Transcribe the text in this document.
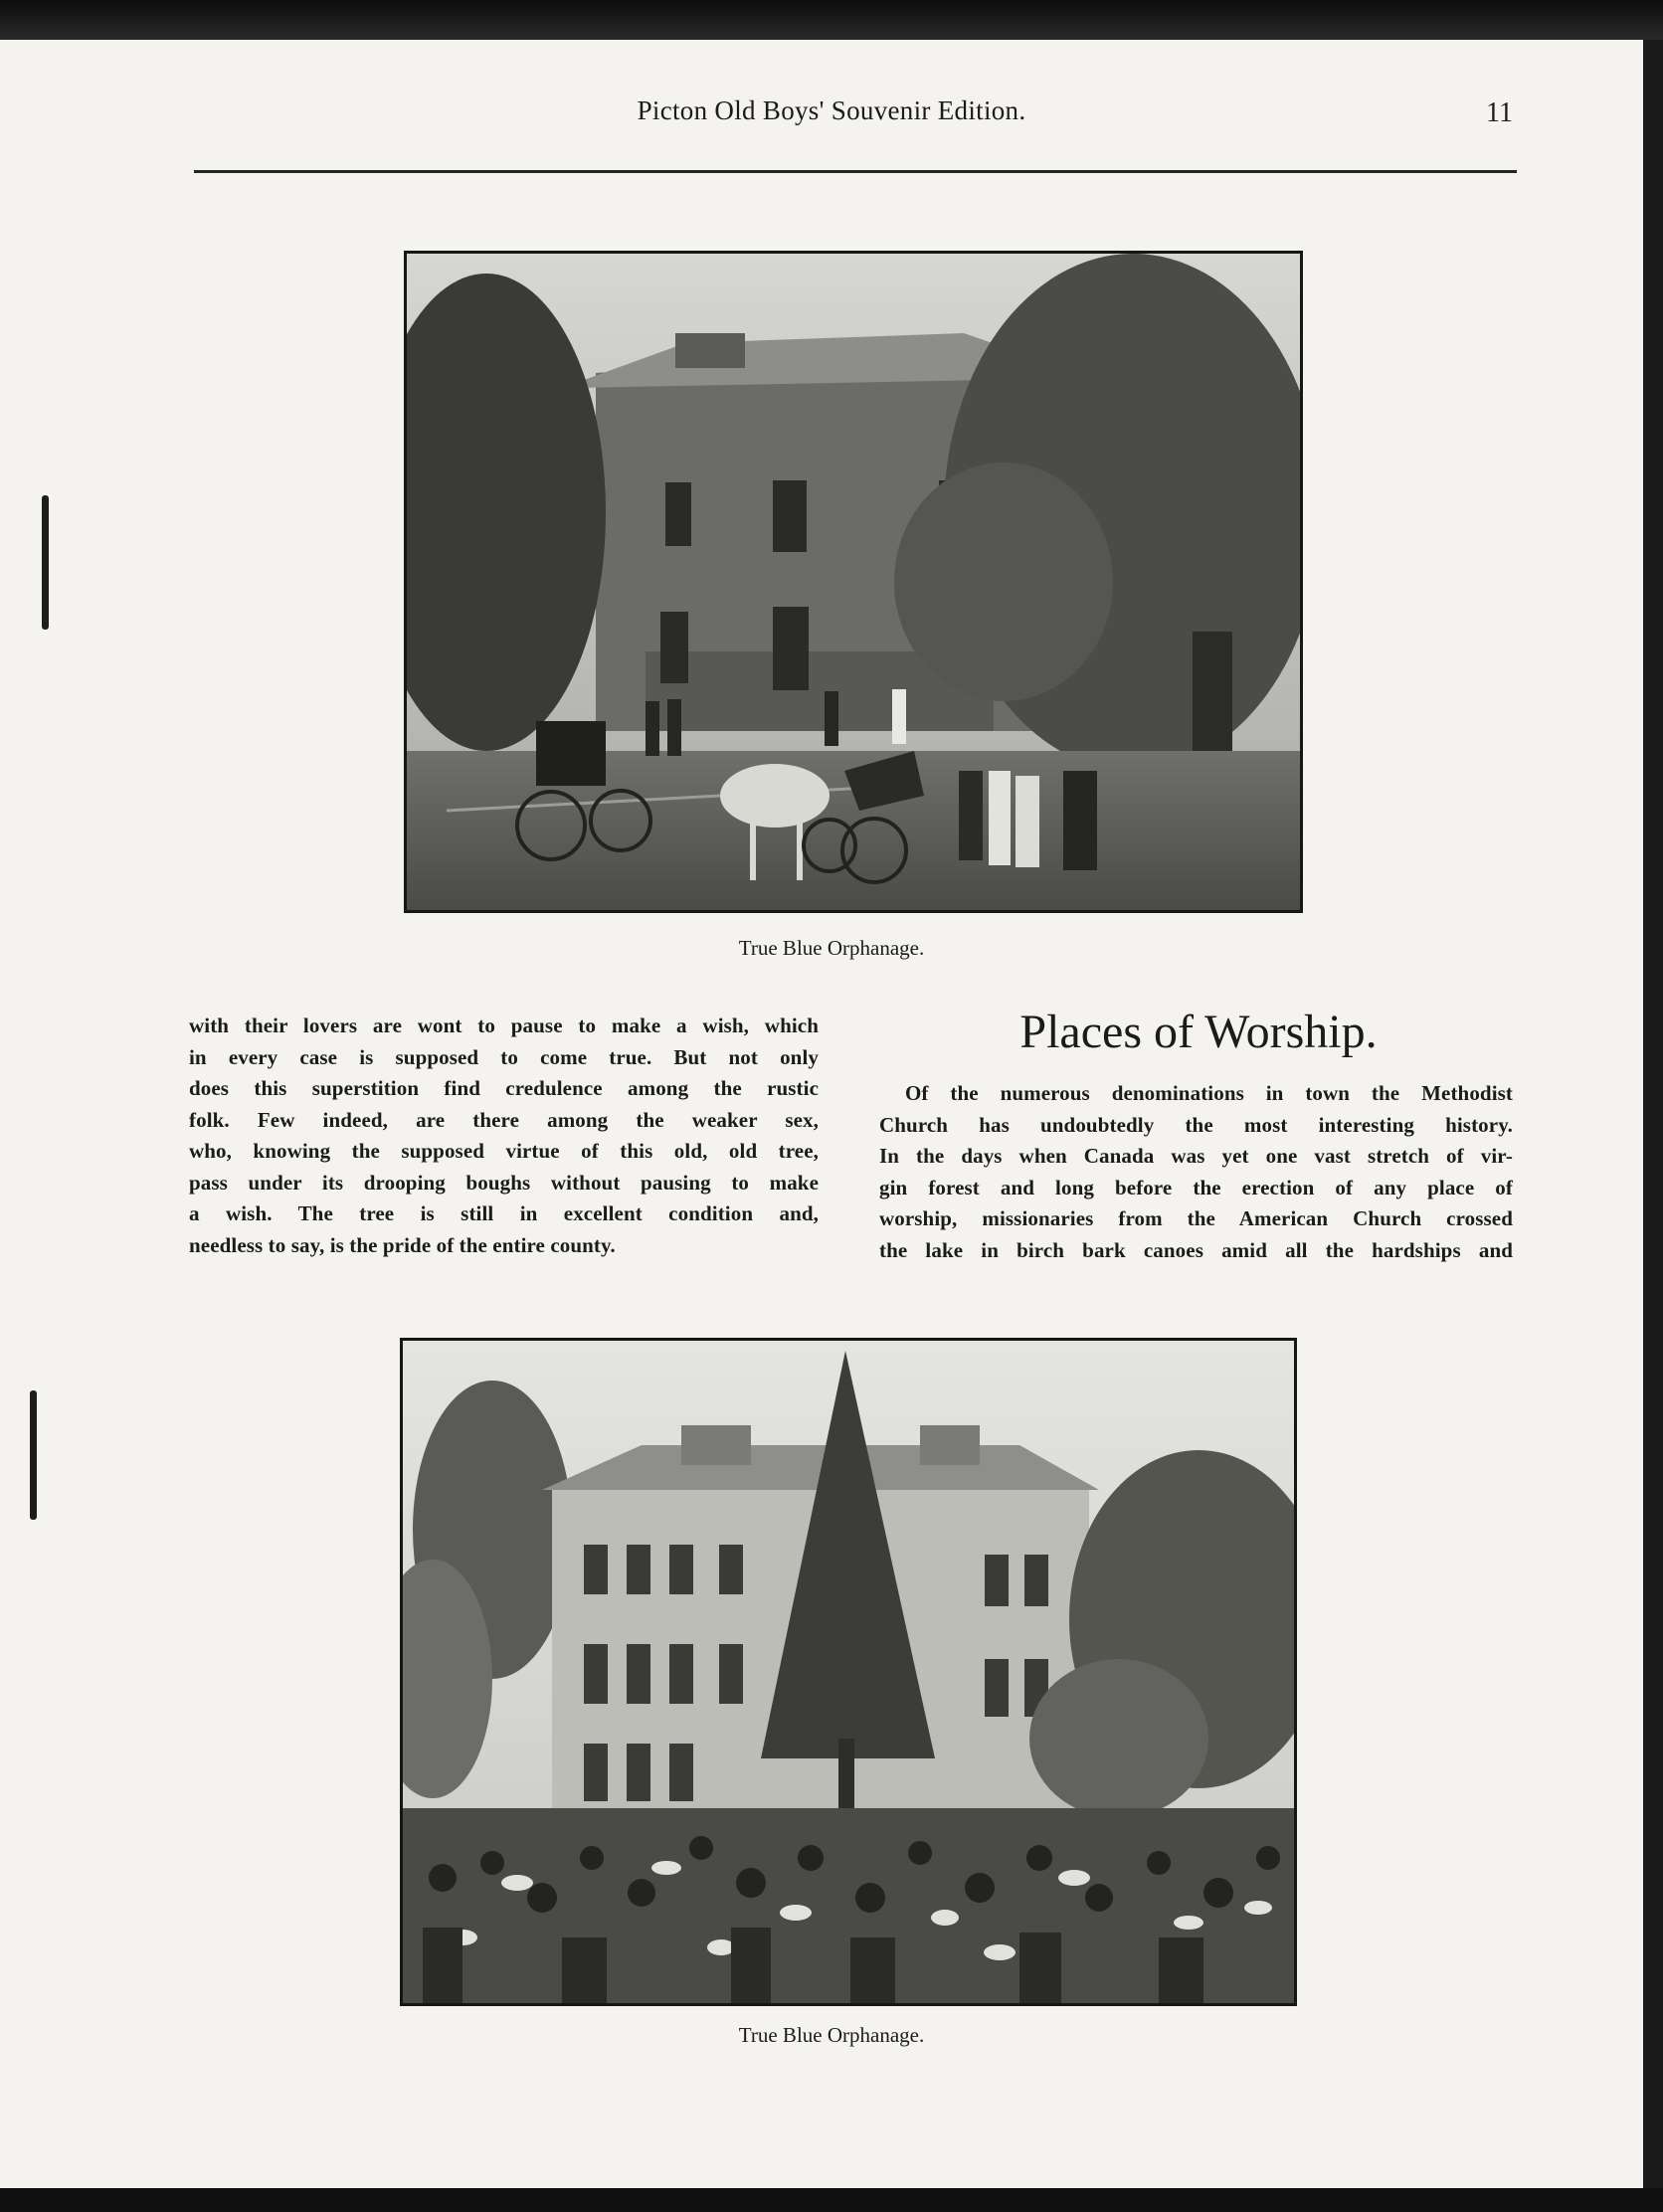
Picton Old Boys' Souvenir Edition.	11
True Blue Orphanage.
with their lovers are wont to pause to make a wish, which
in every case is supposed to come true. But not only
does this superstition find credulence among the rustic
folk. Few indeed, are there among the weaker sex,
who, knowing the supposed virtue of this old, old tree,
pass under its drooping boughs without pausing to make
a wish. The tree is still in excellent condition and,
needless to say, is the pride of the entire county.
Places of Worship.
Of the numerous denominations in town the Methodist
Church has undoubtedly the most interesting history.
In the days when Canada was yet one vast stretch of vir-
gin forest and long before the erection of any place of
worship, missionaries from the American Church crossed
the lake in birch bark canoes amid all the hardships and
True Blue Orphanage.
